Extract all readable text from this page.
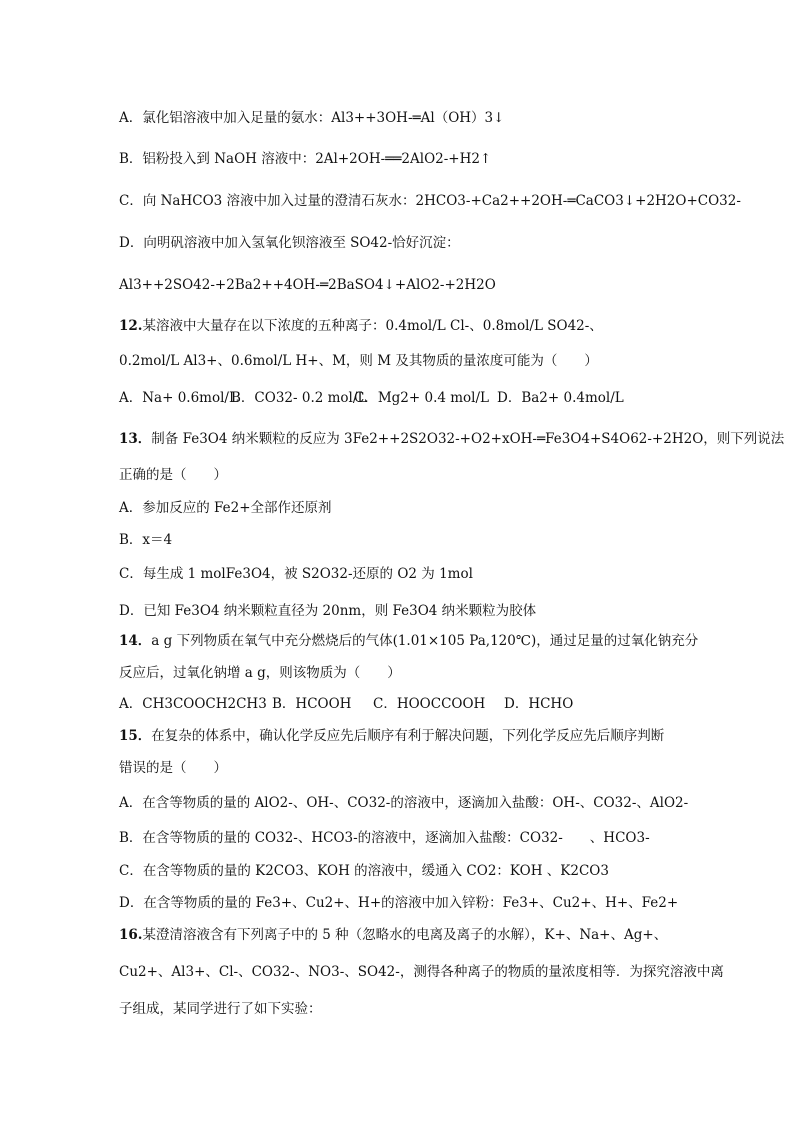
A．氯化铝溶液中加入足量的氨水：Al3++3OH-═Al（OH）3↓
B．铝粉投入到 NaOH 溶液中：2Al+2OH-══2AlO2-+H2↑
C．向 NaHCO3 溶液中加入过量的澄清石灰水：2HCO3-+Ca2++2OH-═CaCO3↓+2H2O+CO32-
D．向明矾溶液中加入氢氧化钡溶液至 SO42-恰好沉淀：
Al3++2SO42-+2Ba2++4OH-═2BaSO4↓+AlO2-+2H2O
12.某溶液中大量存在以下浓度的五种离子：0.4mol/L Cl-、0.8mol/L SO42-、
0.2mol/L Al3+、0.6mol/L H+、M，则 M 及其物质的量浓度可能为（　　）
A．Na+ 0.6mol/LB．CO32- 0.2 mol/LC．Mg2+ 0.4 mol/L D．Ba2+ 0.4mol/L
13．制备 Fe3O4 纳米颗粒的反应为 3Fe2++2S2O32-+O2+xOH-═Fe3O4+S4O62-+2H2O，则下列说法
正确的是（　　）
A．参加反应的 Fe2+全部作还原剂
B．x＝4
C．每生成 1 molFe3O4，被 S2O32-还原的 O2 为 1mol
D．已知 Fe3O4 纳米颗粒直径为 20nm，则 Fe3O4 纳米颗粒为胶体
14．a g 下列物质在氧气中充分燃烧后的气体(1.01×105 Pa,120℃)，通过足量的过氧化钠充分
反应后，过氧化钠增 a g，则该物质为（　　）
A．CH3COOCH2CH3 B．HCOOH C．HOOCCOOH D．HCHO
15．在复杂的体系中，确认化学反应先后顺序有利于解决问题，下列化学反应先后顺序判断
错误的是（　　）
A．在含等物质的量的 AlO2-、OH-、CO32-的溶液中，逐滴加入盐酸：OH-、CO32-、AlO2-
B．在含等物质的量的 CO32-、HCO3-的溶液中，逐滴加入盐酸：CO32-　　、HCO3-
C．在含等物质的量的 K2CO3、KOH 的溶液中，缓通入 CO2：KOH 、K2CO3
D．在含等物质的量的 Fe3+、Cu2+、H+的溶液中加入锌粉：Fe3+、Cu2+、H+、Fe2+
16.某澄清溶液含有下列离子中的 5 种（忽略水的电离及离子的水解），K+、Na+、Ag+、
Cu2+、Al3+、Cl-、CO32-、NO3-、SO42-，测得各种离子的物质的量浓度相等．为探究溶液中离
子组成，某同学进行了如下实验：
